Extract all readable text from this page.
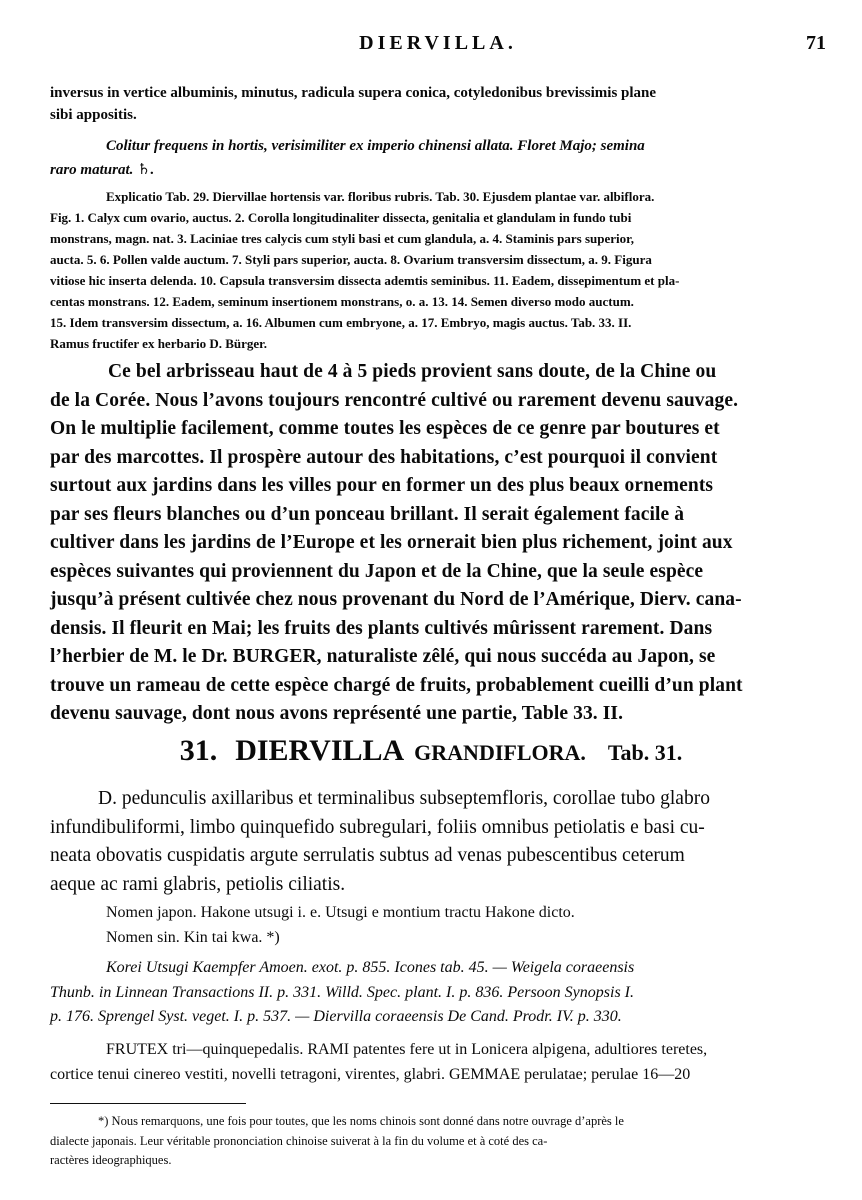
DIERVILLA.	71
inversus in vertice albuminis, minutus, radicula supera conica, cotyledonibus brevissimis plane
sibi appositis.
Colitur frequens in hortis, verisimiliter ex imperio chinensi allata. Floret Majo; semina
raro maturat. ♄.
Explicatio Tab. 29. Diervillae hortensis var. floribus rubris. Tab. 30. Ejusdem plantae var. albiflora.
Fig. 1. Calyx cum ovario, auctus. 2. Corolla longitudinaliter dissecta, genitalia et glandulam in fundo tubi
monstrans, magn. nat. 3. Laciniae tres calycis cum styli basi et cum glandula, a. 4. Staminis pars superior,
aucta. 5. 6. Pollen valde auctum. 7. Styli pars superior, aucta. 8. Ovarium transversim dissectum, a. 9. Figura
vitiose hic inserta delenda. 10. Capsula transversim dissecta ademtis seminibus. 11. Eadem, dissepimentum et pla-
centas monstrans. 12. Eadem, seminum insertionem monstrans, o. a. 13. 14. Semen diverso modo auctum.
15. Idem transversim dissectum, a. 16. Albumen cum embryone, a. 17. Embryo, magis auctus. Tab. 33. II.
Ramus fructifer ex herbario D. Bürger.
Ce bel arbrisseau haut de 4 à 5 pieds provient sans doute, de la Chine ou
de la Corée. Nous l’avons toujours rencontré cultivé ou rarement devenu sauvage.
On le multiplie facilement, comme toutes les espèces de ce genre par boutures et
par des marcottes. Il prospère autour des habitations, c’est pourquoi il convient
surtout aux jardins dans les villes pour en former un des plus beaux ornements
par ses fleurs blanches ou d’un ponceau brillant. Il serait également facile à
cultiver dans les jardins de l’Europe et les ornerait bien plus richement, joint aux
espèces suivantes qui proviennent du Japon et de la Chine, que la seule espèce
jusqu’à présent cultivée chez nous provenant du Nord de l’Amérique, Dierv. cana-
densis. Il fleurit en Mai; les fruits des plants cultivés mûrissent rarement. Dans
l’herbier de M. le Dr. BURGER, naturaliste zêlé, qui nous succéda au Japon, se
trouve un rameau de cette espèce chargé de fruits, probablement cueilli d’un plant
devenu sauvage, dont nous avons représenté une partie, Table 33. II.
31. DIERVILLA GRANDIFLORA. Tab. 31.
D. pedunculis axillaribus et terminalibus subseptemfloris, corollae tubo glabro
infundibuliformi, limbo quinquefido subregulari, foliis omnibus petiolatis e basi cu-
neata obovatis cuspidatis argute serrulatis subtus ad venas pubescentibus ceterum
aeque ac rami glabris, petiolis ciliatis.
Nomen japon. Hakone utsugi i. e. Utsugi e montium tractu Hakone dicto.
Nomen sin. Kin tai kwa. *)
Korei Utsugi Kaempfer Amoen. exot. p. 855. Icones tab. 45. — Weigela coraeensis
Thunb. in Linnean Transactions II. p. 331. Willd. Spec. plant. I. p. 836. Persoon Synopsis I.
p. 176. Sprengel Syst. veget. I. p. 537. — Diervilla coraeensis De Cand. Prodr. IV. p. 330.
FRUTEX tri—quinquepedalis. RAMI patentes fere ut in Lonicera alpigena, adultiores teretes,
cortice tenui cinereo vestiti, novelli tetragoni, virentes, glabri. GEMMAE perulatae; perulae 16—20
*) Nous remarquons, une fois pour toutes, que les noms chinois sont donné dans notre ouvrage d’après le
dialecte japonais. Leur véritable prononciation chinoise suiverat à la fin du volume et à coté des ca-
ractères ideographiques.
